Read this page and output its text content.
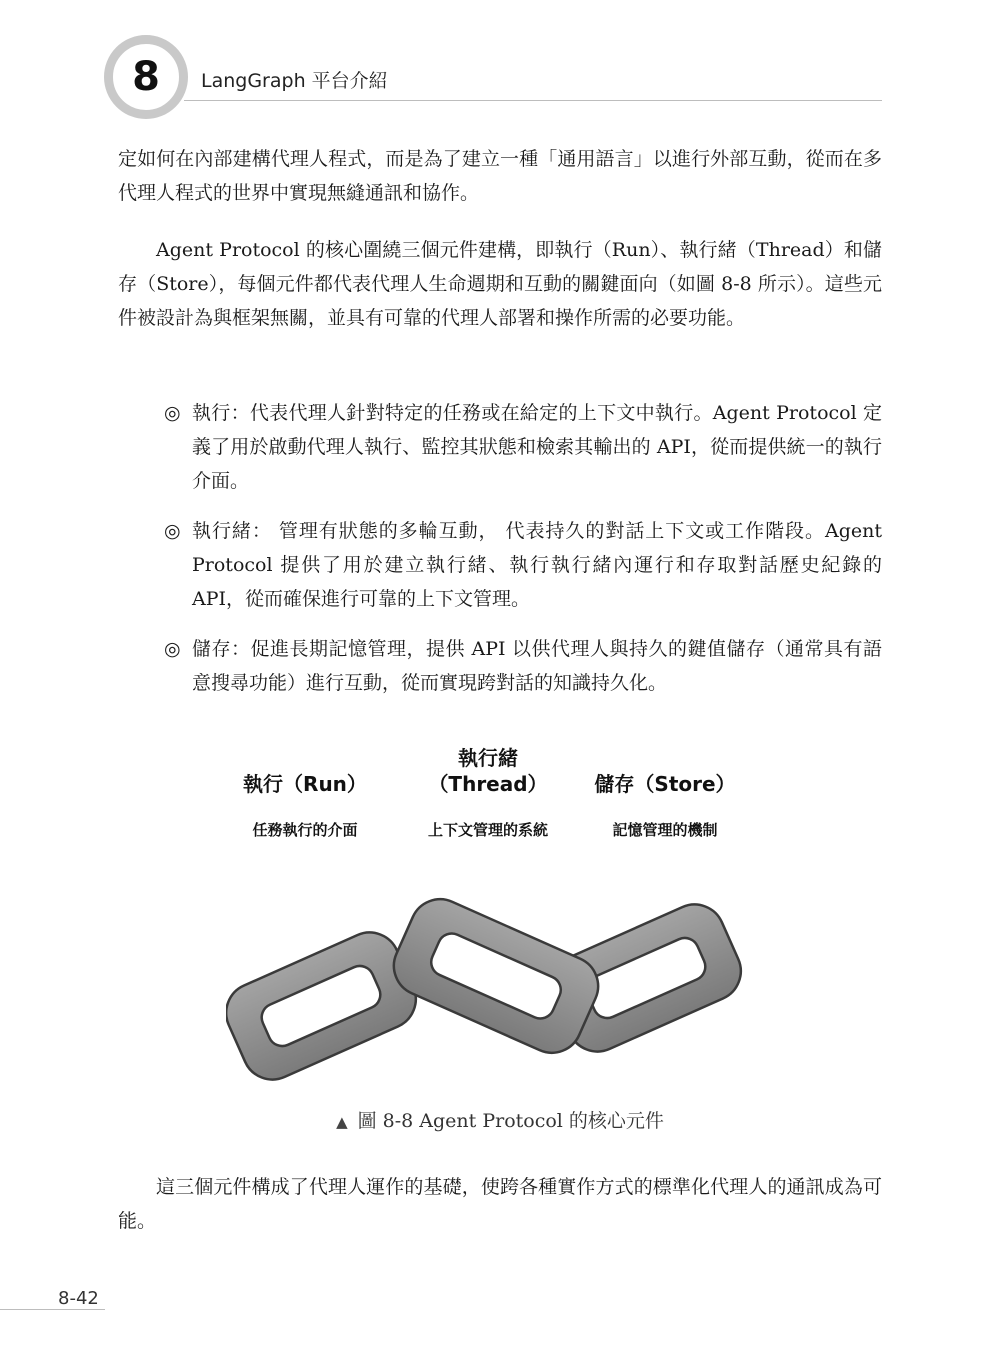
8 LangGraph 平台介紹
定如何在內部建構代理人程式，而是為了建立一種「通用語言」以進行外部互動，從而在多代理人程式的世界中實現無縫通訊和協作。
Agent Protocol 的核心圍繞三個元件建構，即執行（Run）、執行緒（Thread）和儲存（Store），每個元件都代表代理人生命週期和互動的關鍵面向（如圖 8-8 所示）。這些元件被設計為與框架無關，並具有可靠的代理人部署和操作所需的必要功能。
◎ 執行：代表代理人針對特定的任務或在給定的上下文中執行。Agent Protocol 定義了用於啟動代理人執行、監控其狀態和檢索其輸出的 API，從而提供統一的執行介面。
◎ 執行緒： 管理有狀態的多輪互動， 代表持久的對話上下文或工作階段。Agent Protocol 提供了用於建立執行緒、執行執行緒內運行和存取對話歷史紀錄的 API，從而確保進行可靠的上下文管理。
◎ 儲存：促進長期記憶管理，提供 API 以供代理人與持久的鍵值儲存（通常具有語意搜尋功能）進行互動，從而實現跨對話的知識持久化。
執行（Run）
任務執行的介面
執行緒
（Thread）
上下文管理的系統
儲存（Store）
記憶管理的機制
▲ 圖 8-8 Agent Protocol 的核心元件
這三個元件構成了代理人運作的基礎，使跨各種實作方式的標準化代理人的通訊成為可能。
8-42
